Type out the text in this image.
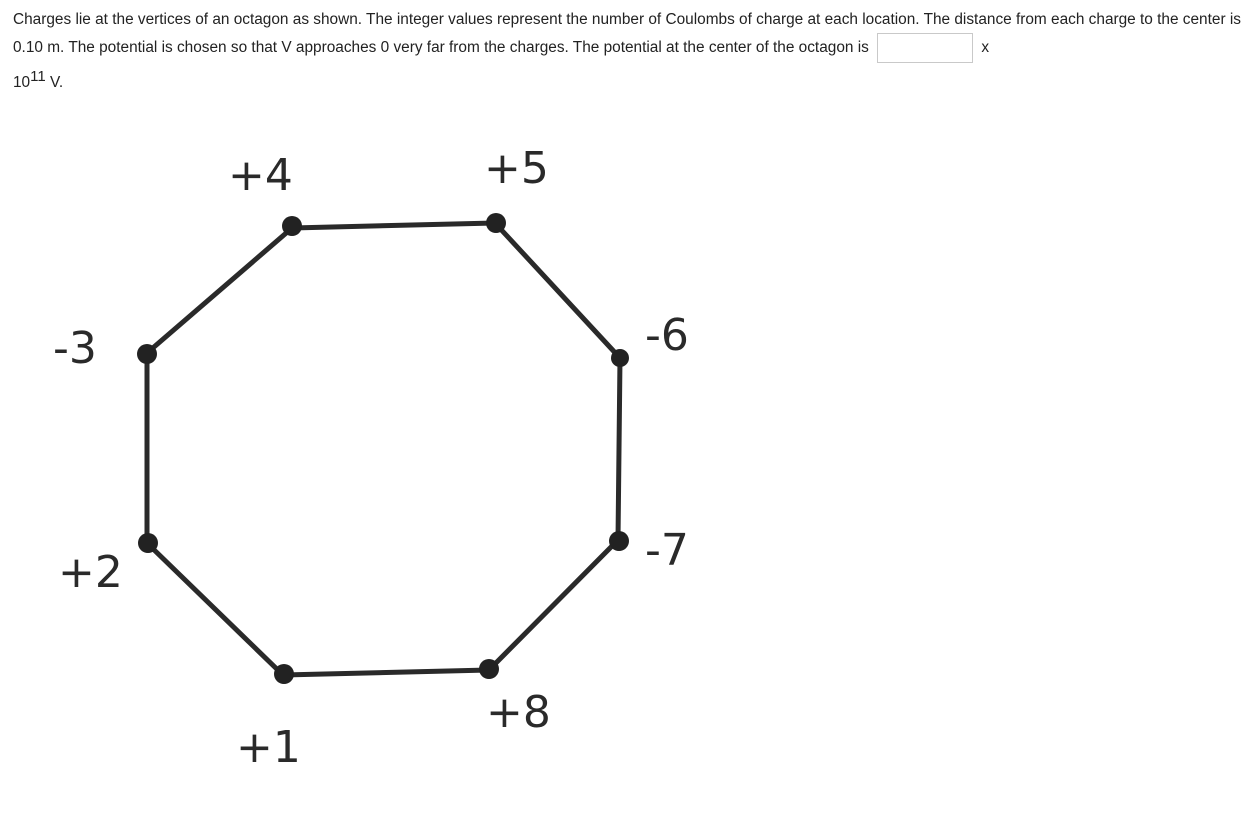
Charges lie at the vertices of an octagon as shown. The integer values represent the number of Coulombs of charge at each location. The distance from each charge to the center is 0.10 m. The potential is chosen so that V approaches 0 very far from the charges. The potential at the center of the octagon is	x
1011 V.
+4	+5
-6
-7
+8
+1
+2
-3
